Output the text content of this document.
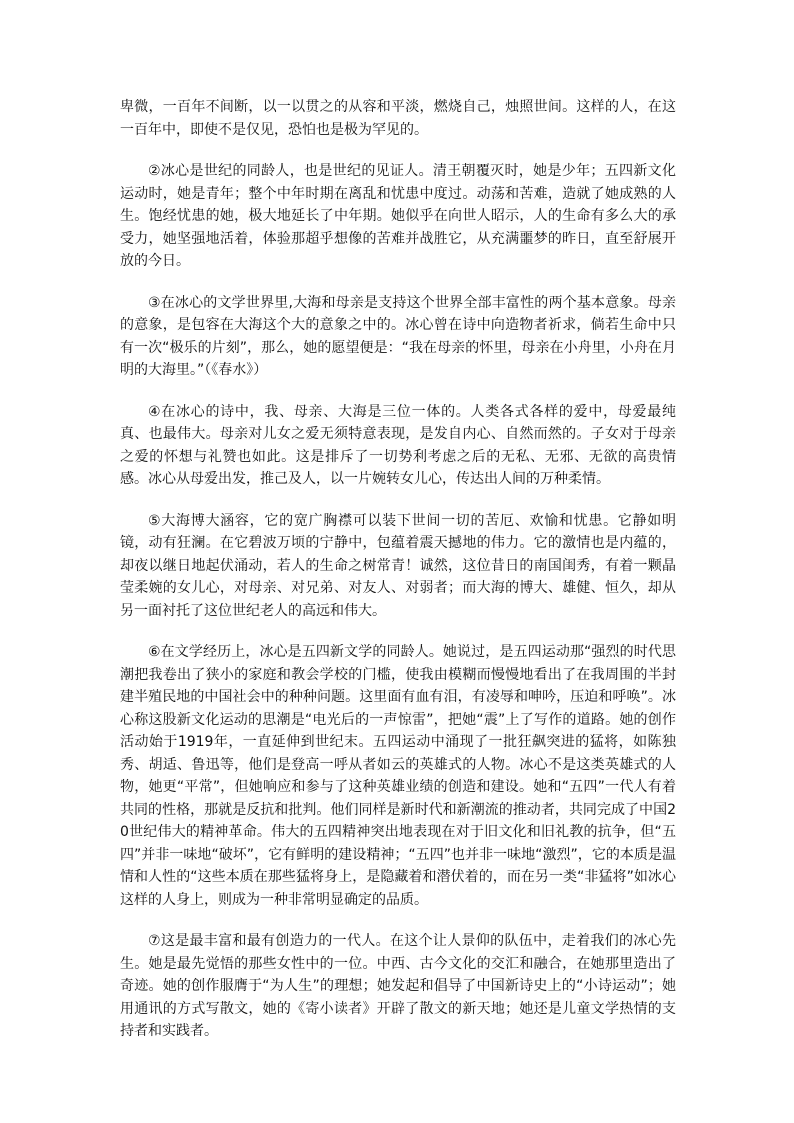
卑微，一百年不间断，以一以贯之的从容和平淡，燃烧自己，烛照世间。这样的人，在这一百年中，即使不是仅见，恐怕也是极为罕见的。

②冰心是世纪的同龄人，也是世纪的见证人。清王朝覆灭时，她是少年；五四新文化运动时，她是青年；整个中年时期在离乱和忧患中度过。动荡和苦难，造就了她成熟的人生。饱经忧患的她，极大地延长了中年期。她似乎在向世人昭示，人的生命有多么大的承受力，她坚强地活着，体验那超乎想像的苦难并战胜它，从充满噩梦的昨日，直至舒展开放的今日。

③在冰心的文学世界里,大海和母亲是支持这个世界全部丰富性的两个基本意象。母亲的意象，是包容在大海这个大的意象之中的。冰心曾在诗中向造物者祈求，倘若生命中只有一次“极乐的片刻”，那么，她的愿望便是：“我在母亲的怀里，母亲在小舟里，小舟在月明的大海里。”（《春水》）

④在冰心的诗中，我、母亲、大海是三位一体的。人类各式各样的爱中，母爱最纯真、也最伟大。母亲对儿女之爱无须特意表现，是发自内心、自然而然的。子女对于母亲之爱的怀想与礼赞也如此。这是排斥了一切势利考虑之后的无私、无邪、无欲的高贵情感。冰心从母爱出发，推己及人，以一片婉转女儿心，传达出人间的万种柔情。

⑤大海博大涵容，它的宽广胸襟可以装下世间一切的苦厄、欢愉和忧患。它静如明镜，动有狂澜。在它碧波万顷的宁静中，包蕴着震天撼地的伟力。它的激情也是内蕴的，却夜以继日地起伏涌动，若人的生命之树常青！诚然，这位昔日的南国闺秀，有着一颗晶莹柔婉的女儿心，对母亲、对兄弟、对友人、对弱者；而大海的博大、雄健、恒久，却从另一面衬托了这位世纪老人的高远和伟大。

⑥在文学经历上，冰心是五四新文学的同龄人。她说过，是五四运动那“强烈的时代思潮把我卷出了狭小的家庭和教会学校的门槛，使我由模糊而慢慢地看出了在我周围的半封建半殖民地的中国社会中的种种问题。这里面有血有泪，有凌辱和呻吟，压迫和呼唤”。冰心称这股新文化运动的思潮是“电光后的一声惊雷”，把她“震”上了写作的道路。她的创作活动始于1919年，一直延伸到世纪末。五四运动中涌现了一批狂飙突进的猛将，如陈独秀、胡适、鲁迅等，他们是登高一呼从者如云的英雄式的人物。冰心不是这类英雄式的人物，她更“平常”，但她响应和参与了这种英雄业绩的创造和建设。她和“五四”一代人有着共同的性格，那就是反抗和批判。他们同样是新时代和新潮流的推动者，共同完成了中国20世纪伟大的精神革命。伟大的五四精神突出地表现在对于旧文化和旧礼教的抗争，但“五四”并非一味地“破坏”，它有鲜明的建设精神；“五四”也并非一味地“激烈”，它的本质是温情和人性的“这些本质在那些猛将身上，是隐藏着和潜伏着的，而在另一类“非猛将”如冰心这样的人身上，则成为一种非常明显确定的品质。

⑦这是最丰富和最有创造力的一代人。在这个让人景仰的队伍中，走着我们的冰心先生。她是最先觉悟的那些女性中的一位。中西、古今文化的交汇和融合，在她那里造出了奇迹。她的创作服膺于“为人生”的理想；她发起和倡导了中国新诗史上的“小诗运动”；她用通讯的方式写散文，她的《寄小读者》开辟了散文的新天地；她还是儿童文学热情的支持者和实践者。
